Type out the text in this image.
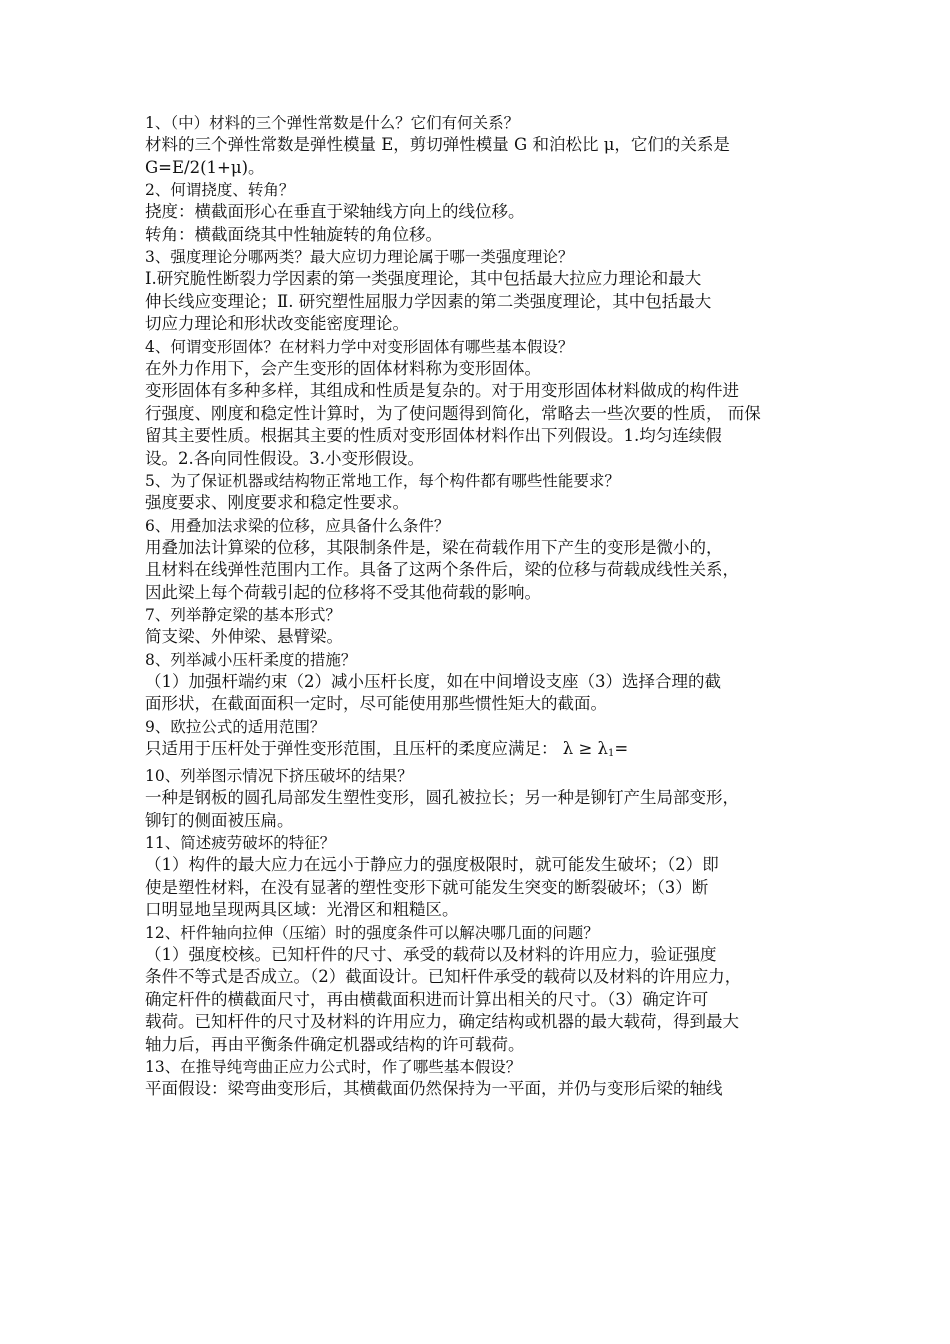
1、（中）材料的三个弹性常数是什么？它们有何关系？

材料的三个弹性常数是弹性模量 E，剪切弹性模量 G 和泊松比 μ，它们的关系是

G=E/2(1+μ)。

2、何谓挠度、转角？

挠度：横截面形心在垂直于梁轴线方向上的线位移。

转角：横截面绕其中性轴旋转的角位移。

3、强度理论分哪两类？最大应切力理论属于哪一类强度理论？

Ⅰ.研究脆性断裂力学因素的第一类强度理论，其中包括最大拉应力理论和最大

伸长线应变理论；Ⅱ. 研究塑性屈服力学因素的第二类强度理论，其中包括最大

切应力理论和形状改变能密度理论。

4、何谓变形固体？在材料力学中对变形固体有哪些基本假设？

在外力作用下，会产生变形的固体材料称为变形固体。

变形固体有多种多样，其组成和性质是复杂的。对于用变形固体材料做成的构件进

行强度、刚度和稳定性计算时，为了使问题得到简化，常略去一些次要的性质， 而保

留其主要性质。根据其主要的性质对变形固体材料作出下列假设。1.均匀连续假

设。2.各向同性假设。3.小变形假设。

5、为了保证机器或结构物正常地工作，每个构件都有哪些性能要求？

强度要求、刚度要求和稳定性要求。

6、用叠加法求梁的位移，应具备什么条件？

用叠加法计算梁的位移，其限制条件是，梁在荷载作用下产生的变形是微小的，

且材料在线弹性范围内工作。具备了这两个条件后，梁的位移与荷载成线性关系，

因此梁上每个荷载引起的位移将不受其他荷载的影响。

7、列举静定梁的基本形式？

简支梁、外伸梁、悬臂梁。

8、列举减小压杆柔度的措施？

（1）加强杆端约束（2）减小压杆长度，如在中间增设支座（3）选择合理的截

面形状，在截面面积一定时，尽可能使用那些惯性矩大的截面。

9、欧拉公式的适用范围？

只适用于压杆处于弹性变形范围，且压杆的柔度应满足： $\lambda \ge \lambda_1=$

10、列举图示情况下挤压破坏的结果？

一种是钢板的圆孔局部发生塑性变形，圆孔被拉长；另一种是铆钉产生局部变形，

铆钉的侧面被压扁。

11、简述疲劳破坏的特征？

（1）构件的最大应力在远小于静应力的强度极限时，就可能发生破坏；（2）即

使是塑性材料，在没有显著的塑性变形下就可能发生突变的断裂破坏；（3）断

口明显地呈现两具区域：光滑区和粗糙区。

12、杆件轴向拉伸（压缩）时的强度条件可以解决哪几面的问题？

（1）强度校核。已知杆件的尺寸、承受的载荷以及材料的许用应力，验证强度

条件不等式是否成立。（2）截面设计。已知杆件承受的载荷以及材料的许用应力，

确定杆件的横截面尺寸，再由横截面积进而计算出相关的尺寸。（3）确定许可

载荷。已知杆件的尺寸及材料的许用应力，确定结构或机器的最大载荷，得到最大

轴力后，再由平衡条件确定机器或结构的许可载荷。

13、在推导纯弯曲正应力公式时，作了哪些基本假设？

平面假设：梁弯曲变形后，其横截面仍然保持为一平面，并仍与变形后梁的轴线
